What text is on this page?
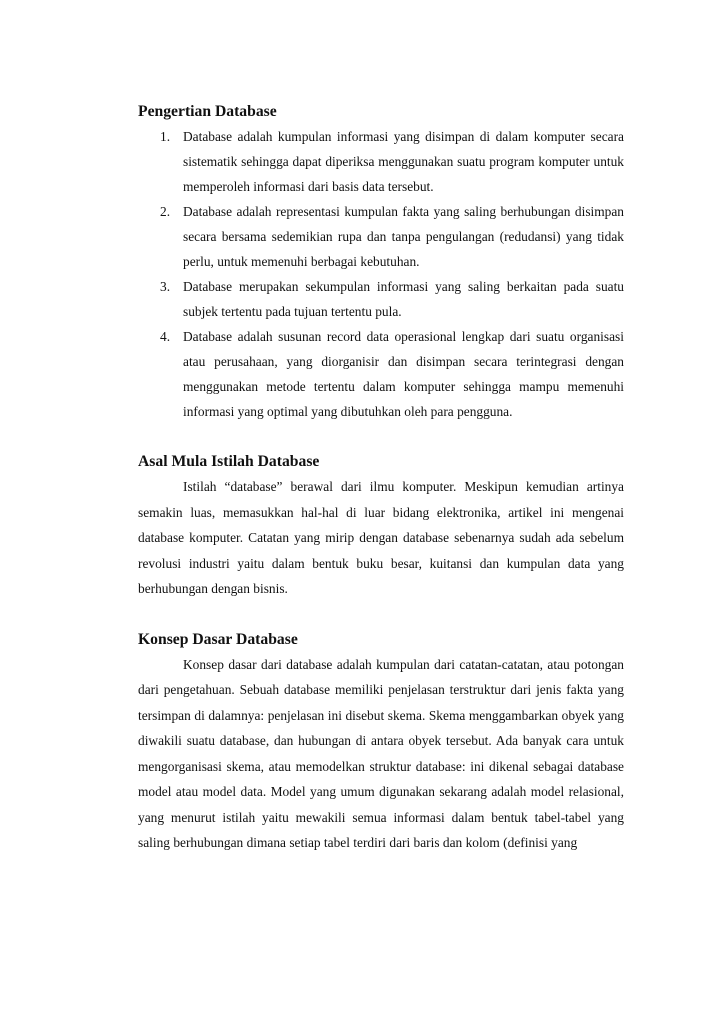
Pengertian Database
1. Database adalah kumpulan informasi yang disimpan di dalam komputer secara sistematik sehingga dapat diperiksa menggunakan suatu program komputer untuk memperoleh informasi dari basis data tersebut.
2. Database adalah representasi kumpulan fakta yang saling berhubungan disimpan secara bersama sedemikian rupa dan tanpa pengulangan (redudansi) yang tidak perlu, untuk memenuhi berbagai kebutuhan.
3. Database merupakan sekumpulan informasi yang saling berkaitan pada suatu subjek tertentu pada tujuan tertentu pula.
4. Database adalah susunan record data operasional lengkap dari suatu organisasi atau perusahaan, yang diorganisir dan disimpan secara terintegrasi dengan menggunakan metode tertentu dalam komputer sehingga mampu memenuhi informasi yang optimal yang dibutuhkan oleh para pengguna.
Asal Mula Istilah Database

Istilah “database” berawal dari ilmu komputer. Meskipun kemudian artinya semakin luas, memasukkan hal-hal di luar bidang elektronika, artikel ini mengenai database komputer. Catatan yang mirip dengan database sebenarnya sudah ada sebelum revolusi industri yaitu dalam bentuk buku besar, kuitansi dan kumpulan data yang berhubungan dengan bisnis.

Konsep Dasar Database

Konsep dasar dari database adalah kumpulan dari catatan-catatan, atau potongan dari pengetahuan. Sebuah database memiliki penjelasan terstruktur dari jenis fakta yang tersimpan di dalamnya: penjelasan ini disebut skema. Skema menggambarkan obyek yang diwakili suatu database, dan hubungan di antara obyek tersebut. Ada banyak cara untuk mengorganisasi skema, atau memodelkan struktur database: ini dikenal sebagai database model atau model data. Model yang umum digunakan sekarang adalah model relasional, yang menurut istilah yaitu mewakili semua informasi dalam bentuk tabel-tabel yang saling berhubungan dimana setiap tabel terdiri dari baris dan kolom (definisi yang
